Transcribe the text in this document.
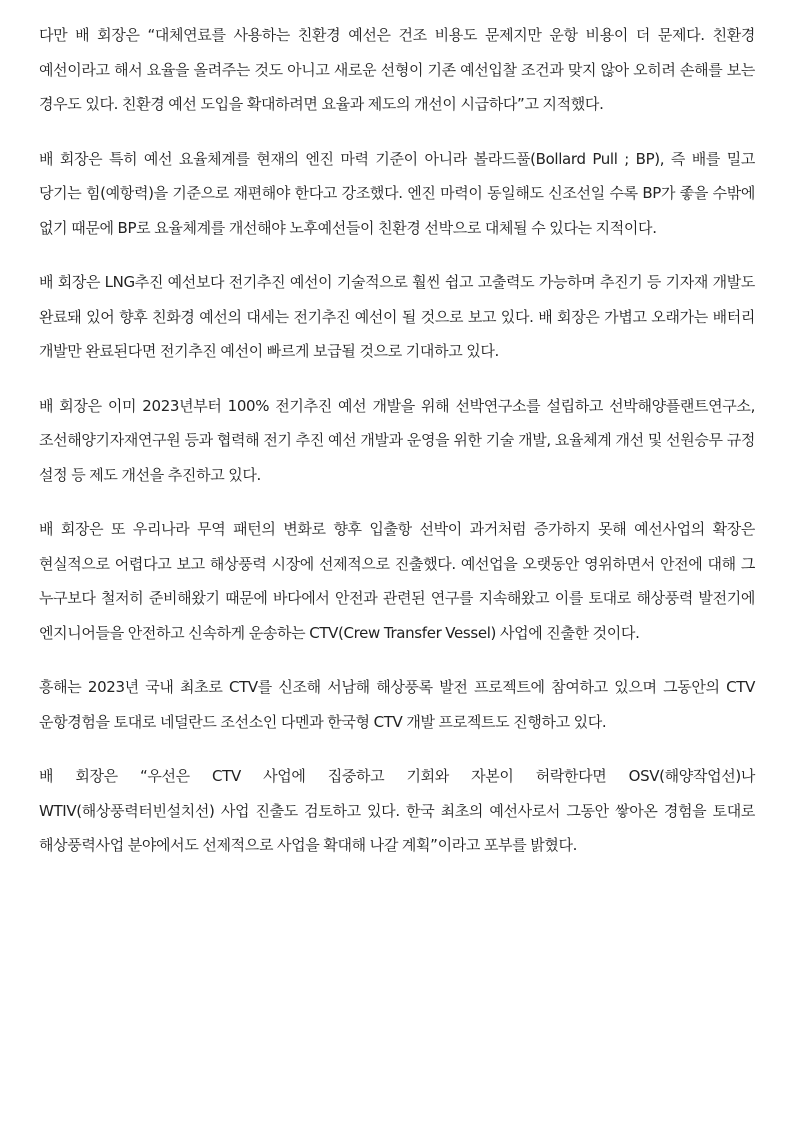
다만 배 회장은 “대체연료를 사용하는 친환경 예선은 건조 비용도 문제지만 운항 비용이 더 문제다. 친환경 예선이라고 해서 요율을 올려주는 것도 아니고 새로운 선형이 기존 예선입찰 조건과 맞지 않아 오히려 손해를 보는 경우도 있다. 친환경 예선 도입을 확대하려면 요율과 제도의 개선이 시급하다”고 지적했다.

배 회장은 특히 예선 요율체계를 현재의 엔진 마력 기준이 아니라 볼라드풀(Bollard Pull ; BP), 즉 배를 밀고 당기는 힘(예항력)을 기준으로 재편해야 한다고 강조했다. 엔진 마력이 동일해도 신조선일 수록 BP가 좋을 수밖에 없기 때문에 BP로 요율체계를 개선해야 노후예선들이 친환경 선박으로 대체될 수 있다는 지적이다.

배 회장은 LNG추진 예선보다 전기추진 예선이 기술적으로 훨씬 쉽고 고출력도 가능하며 추진기 등 기자재 개발도 완료돼 있어 향후 친화경 예선의 대세는 전기추진 예선이 될 것으로 보고 있다. 배 회장은 가볍고 오래가는 배터리 개발만 완료된다면 전기추진 예선이 빠르게 보급될 것으로 기대하고 있다.

배 회장은 이미 2023년부터 100% 전기추진 예선 개발을 위해 선박연구소를 설립하고 선박해양플랜트연구소, 조선해양기자재연구원 등과 협력해 전기 추진 예선 개발과 운영을 위한 기술 개발, 요율체계 개선 및 선원승무 규정 설정 등 제도 개선을 추진하고 있다.

배 회장은 또 우리나라 무역 패턴의 변화로 향후 입출항 선박이 과거처럼 증가하지 못해 예선사업의 확장은 현실적으로 어렵다고 보고 해상풍력 시장에 선제적으로 진출했다. 예선업을 오랫동안 영위하면서 안전에 대해 그 누구보다 철저히 준비해왔기 때문에 바다에서 안전과 관련된 연구를 지속해왔고 이를 토대로 해상풍력 발전기에 엔지니어들을 안전하고 신속하게 운송하는 CTV(Crew Transfer Vessel) 사업에 진출한 것이다.

흥해는 2023년 국내 최초로 CTV를 신조해 서남해 해상풍록 발전 프로젝트에 참여하고 있으며 그동안의 CTV 운항경험을 토대로 네덜란드 조선소인 다멘과 한국형 CTV 개발 프로젝트도 진행하고 있다.

배 회장은 “우선은 CTV 사업에 집중하고 기회와 자본이 허락한다면 OSV(해양작업선)나 WTIV(해상풍력터빈설치선) 사업 진출도 검토하고 있다. 한국 최초의 예선사로서 그동안 쌓아온 경험을 토대로 해상풍력사업 분야에서도 선제적으로 사업을 확대해 나갈 계획”이라고 포부를 밝혔다.
